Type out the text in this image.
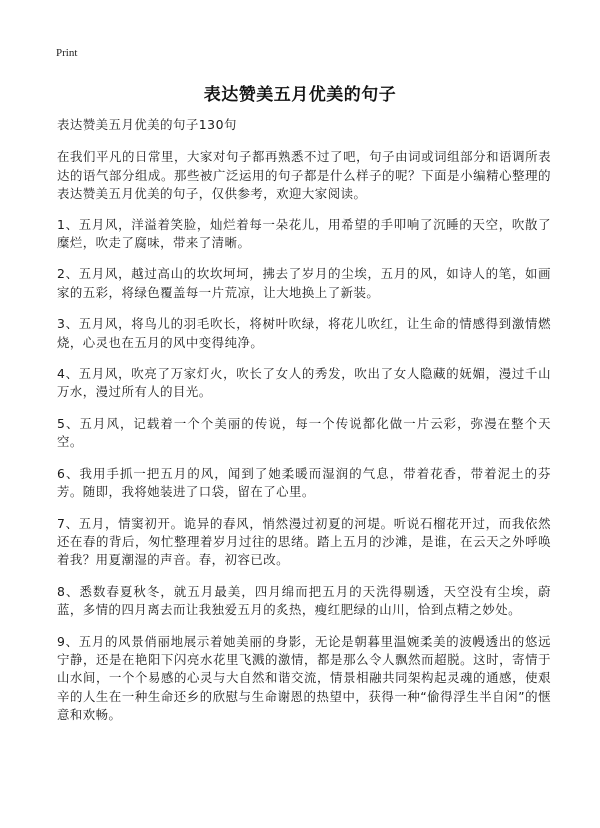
Print
表达赞美五月优美的句子

表达赞美五月优美的句子130句

在我们平凡的日常里，大家对句子都再熟悉不过了吧，句子由词或词组部分和语调所表达的语气部分组成。那些被广泛运用的句子都是什么样子的呢？下面是小编精心整理的表达赞美五月优美的句子，仅供参考，欢迎大家阅读。

1、五月风，洋溢着笑脸，灿烂着每一朵花儿，用希望的手叩响了沉睡的天空，吹散了糜烂，吹走了腐味，带来了清晰。

2、五月风，越过高山的坎坎坷坷，拂去了岁月的尘埃，五月的风，如诗人的笔，如画家的五彩，将绿色覆盖每一片荒凉，让大地换上了新装。

3、五月风，将鸟儿的羽毛吹长，将树叶吹绿，将花儿吹红，让生命的情感得到激情燃烧，心灵也在五月的风中变得纯净。

4、五月风，吹亮了万家灯火，吹长了女人的秀发，吹出了女人隐藏的妩媚，漫过千山万水，漫过所有人的目光。

5、五月风，记载着一个个美丽的传说，每一个传说都化做一片云彩，弥漫在整个天空。

6、我用手抓一把五月的风，闻到了她柔暖而湿润的气息，带着花香，带着泥土的芬芳。随即，我将她装进了口袋，留在了心里。

7、五月，情窦初开。诡异的春风，悄然漫过初夏的河堤。听说石榴花开过，而我依然还在春的背后，匆忙整理着岁月过往的思绪。踏上五月的沙滩，是谁，在云天之外呼唤着我？用夏潮湿的声音。春，初容已改。

8、悉数春夏秋冬，就五月最美，四月绵而把五月的天洗得剔透，天空没有尘埃，蔚蓝，多情的四月离去而让我独爱五月的炙热，瘦红肥绿的山川，恰到点精之妙处。

9、五月的风景俏丽地展示着她美丽的身影，无论是朝暮里温婉柔美的波幔透出的悠远宁静，还是在艳阳下闪亮水花里飞溅的激情，都是那么令人飘然而超脱。这时，寄情于山水间，一个个易感的心灵与大自然和谐交流，情景相融共同架构起灵魂的通感，使艰辛的人生在一种生命还乡的欣慰与生命谢恩的热望中，获得一种“偷得浮生半自闲”的惬意和欢畅。
